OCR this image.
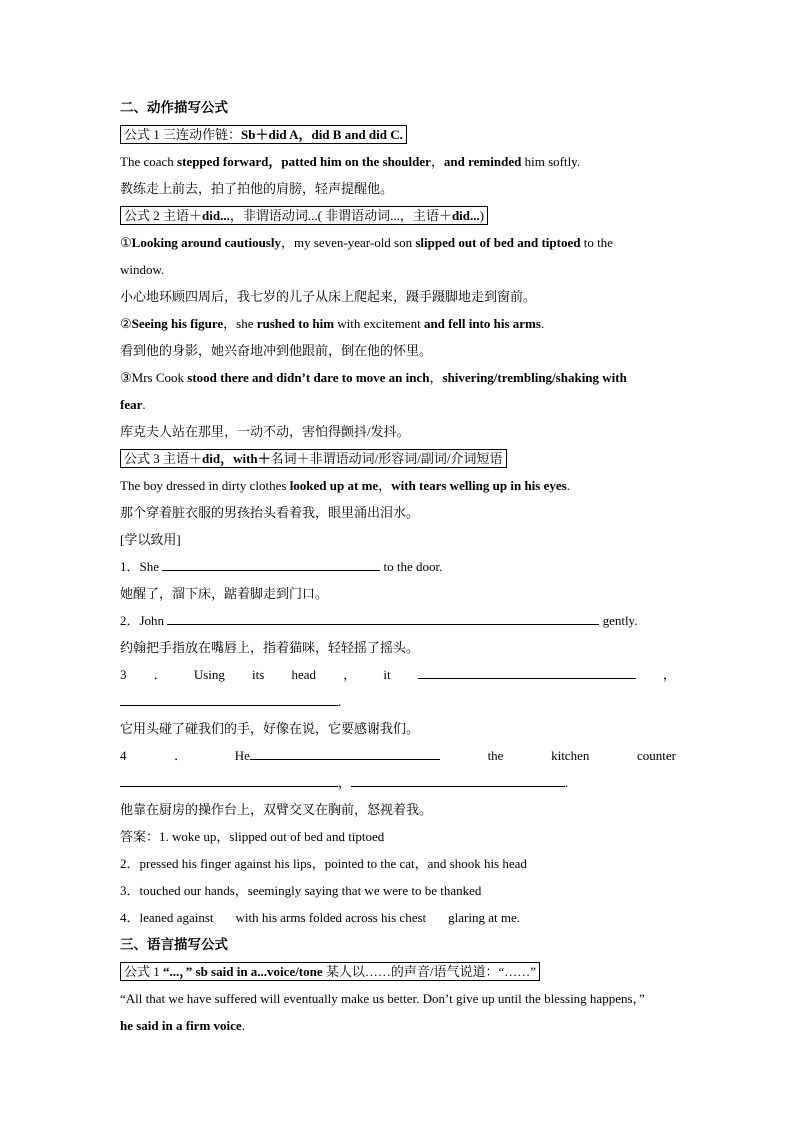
二、动作描写公式
公式 1 三连动作链：Sb＋did A，did B and did C.
The coach stepped forward，patted him on the shoulder，and reminded him softly.
教练走上前去，拍了拍他的肩膀，轻声提醒他。
公式 2 主语＋did...，非谓语动词...( 非谓语动词...，主语＋did...)
①Looking around cautiously，my seven-year-old son slipped out of bed and tiptoed to the
window.
小心地环顾四周后，我七岁的儿子从床上爬起来，蹑手蹑脚地走到窗前。
②Seeing his figure，she rushed to him with excitement and fell into his arms.
看到他的身影，她兴奋地冲到他跟前，倒在他的怀里。
③Mrs Cook stood there and didn’t dare to move an inch，shivering/trembling/shaking with
fear.
库克夫人站在那里，一动不动，害怕得颤抖/发抖。
公式 3 主语＋did，with＋名词＋非谓语动词/形容词/副词/介词短语
The boy dressed in dirty clothes looked up at me，with tears welling up in his eyes.
那个穿着脏衣服的男孩抬头看着我，眼里涌出泪水。
[学以致用]
1．She	to the door.
她醒了，溜下床，踮着脚走到门口。
2．John	gently.
约翰把手指放在嘴唇上，指着猫咪，轻轻摇了摇头。
3 ． Using its head ， it	，
.
它用头碰了碰我们的手，好像在说，它要感谢我们。
4	．	He	the	kitchen	counter
，	.
他靠在厨房的操作台上，双臂交叉在胸前，怒视着我。
答案：1. woke up，slipped out of bed and tiptoed
2．pressed his finger against his lips，pointed to the cat，and shook his head
3．touched our hands，seemingly saying that we were to be thanked
4．leaned against with his arms folded across his chest glaring at me.
三、语言描写公式
公式 1 “...，” sb said in a...voice/tone 某人以……的声音/语气说道：“……”
“All that we have suffered will eventually make us better. Don’t give up until the blessing happens，”
he said in a firm voice.
